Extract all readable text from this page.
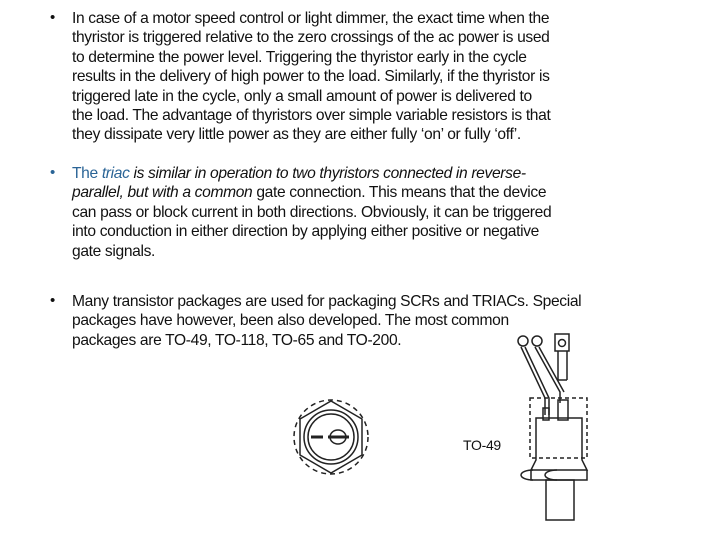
• In case of a motor speed control or light dimmer, the exact time when the
thyristor is triggered relative to the zero crossings of the ac power is used
to determine the power level. Triggering the thyristor early in the cycle
results in the delivery of high power to the load. Similarly, if the thyristor is
triggered late in the cycle, only a small amount of power is delivered to
the load. The advantage of thyristors over simple variable resistors is that
they dissipate very little power as they are either fully ‘on’ or fully ‘off’.
• The triac is similar in operation to two thyristors connected in reverse-
parallel, but with a common gate connection. This means that the device
can pass or block current in both directions. Obviously, it can be triggered
into conduction in either direction by applying either positive or negative
gate signals.
• Many transistor packages are used for packaging SCRs and TRIACs. Special
packages have however, been also developed. The most common
packages are TO-49, TO-118, TO-65 and TO-200.
TO-49
